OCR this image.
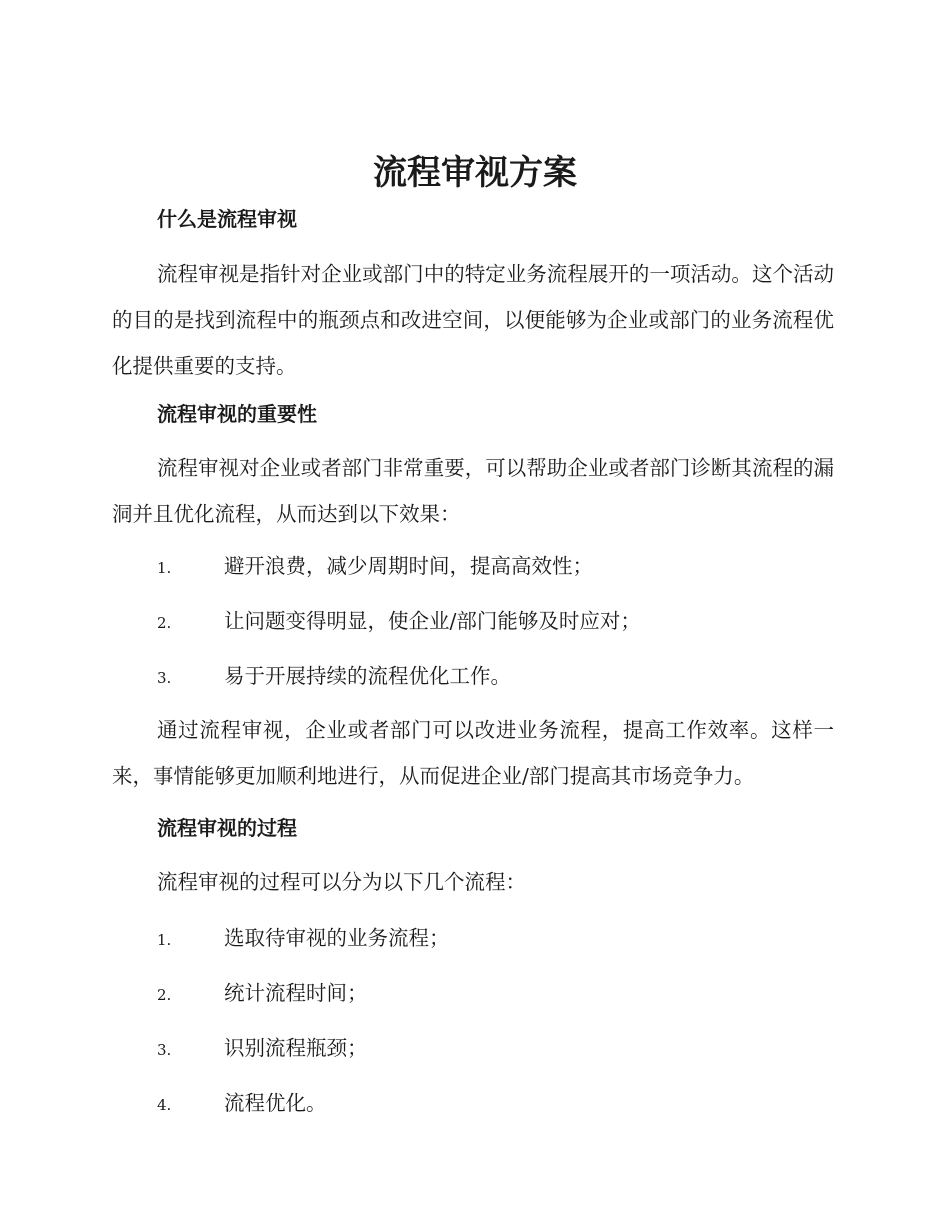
流程审视方案
什么是流程审视
流程审视是指针对企业或部门中的特定业务流程展开的一项活动。这个活动的目的是找到流程中的瓶颈点和改进空间，以便能够为企业或部门的业务流程优化提供重要的支持。
流程审视的重要性
流程审视对企业或者部门非常重要，可以帮助企业或者部门诊断其流程的漏洞并且优化流程，从而达到以下效果：
1.	避开浪费，减少周期时间，提高高效性；
2.	让问题变得明显，使企业/部门能够及时应对；
3.	易于开展持续的流程优化工作。
通过流程审视，企业或者部门可以改进业务流程，提高工作效率。这样一来，事情能够更加顺利地进行，从而促进企业/部门提高其市场竞争力。
流程审视的过程
流程审视的过程可以分为以下几个流程：
1.	选取待审视的业务流程；
2.	统计流程时间；
3.	识别流程瓶颈；
4.	流程优化。
